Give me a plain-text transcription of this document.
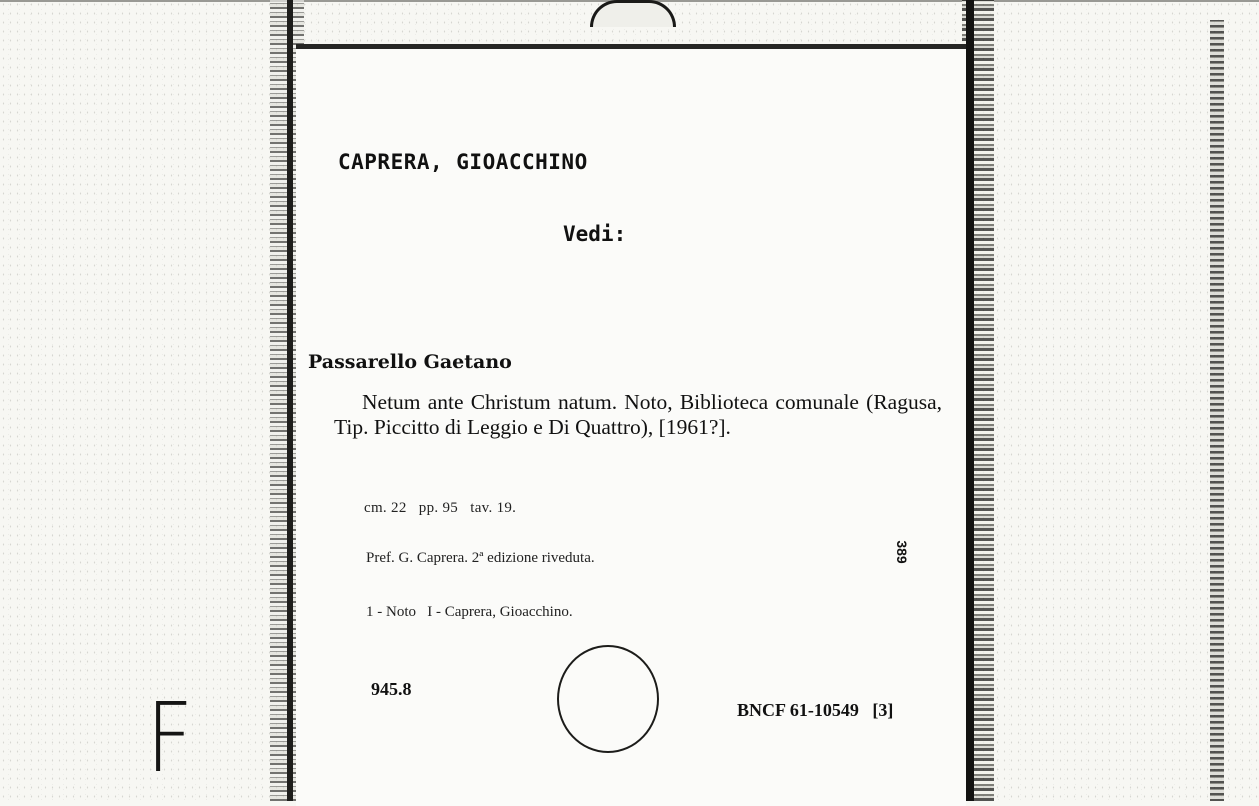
CAPRERA, GIOACCHINO
Vedi:
Passarello Gaetano
Netum ante Christum natum. Noto, Biblioteca comunale (Ragusa, Tip. Piccitto di Leggio e Di Quattro), [1961?].
cm. 22   pp. 95   tav. 19.
Pref. G. Caprera. 2ª edizione riveduta.
1 - Noto   I - Caprera, Gioacchino.
945.8
BNCF 61-10549   [3]
389
F
